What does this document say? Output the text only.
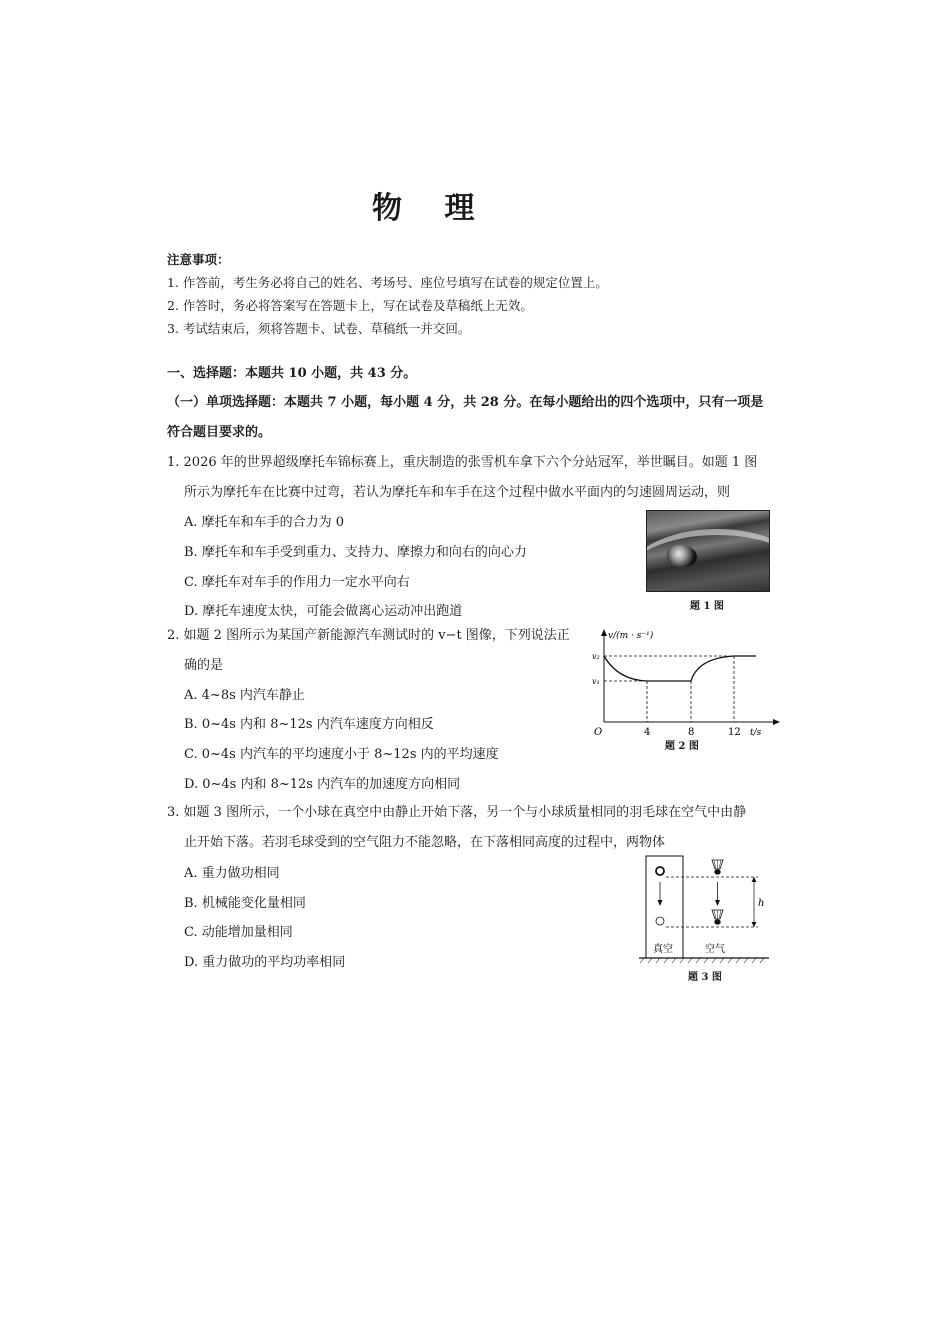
物 理
注意事项：
1. 作答前，考生务必将自己的姓名、考场号、座位号填写在试卷的规定位置上。
2. 作答时，务必将答案写在答题卡上，写在试卷及草稿纸上无效。
3. 考试结束后，须将答题卡、试卷、草稿纸一并交回。
一、选择题：本题共 10 小题，共 43 分。
（一）单项选择题：本题共 7 小题，每小题 4 分，共 28 分。在每小题给出的四个选项中，只有一项是
符合题目要求的。
1. 2026 年的世界超级摩托车锦标赛上，重庆制造的张雪机车拿下六个分站冠军，举世瞩目。如题 1 图
所示为摩托车在比赛中过弯，若认为摩托车和车手在这个过程中做水平面内的匀速圆周运动，则
A. 摩托车和车手的合力为 0
B. 摩托车和车手受到重力、支持力、摩擦力和向右的向心力
C. 摩托车对车手的作用力一定水平向右
D. 摩托车速度太快，可能会做离心运动冲出跑道	题 1 图
2. 如题 2 图所示为某国产新能源汽车测试时的 v−t 图像，下列说法正
确的是
A. 4~8s 内汽车静止
B. 0~4s 内和 8~12s 内汽车速度方向相反
C. 0~4s 内汽车的平均速度小于 8~12s 内的平均速度
D. 0~4s 内和 8~12s 内汽车的加速度方向相同
v/(m · s⁻¹)
t/s
O
v₂
v₁
4	8	12
题 2 图
3. 如题 3 图所示，一个小球在真空中由静止开始下落，另一个与小球质量相同的羽毛球在空气中由静
止开始下落。若羽毛球受到的空气阻力不能忽略，在下落相同高度的过程中，两物体
A. 重力做功相同
B. 机械能变化量相同
C. 动能增加量相同
D. 重力做功的平均功率相同
h
真空	空气
题 3 图
